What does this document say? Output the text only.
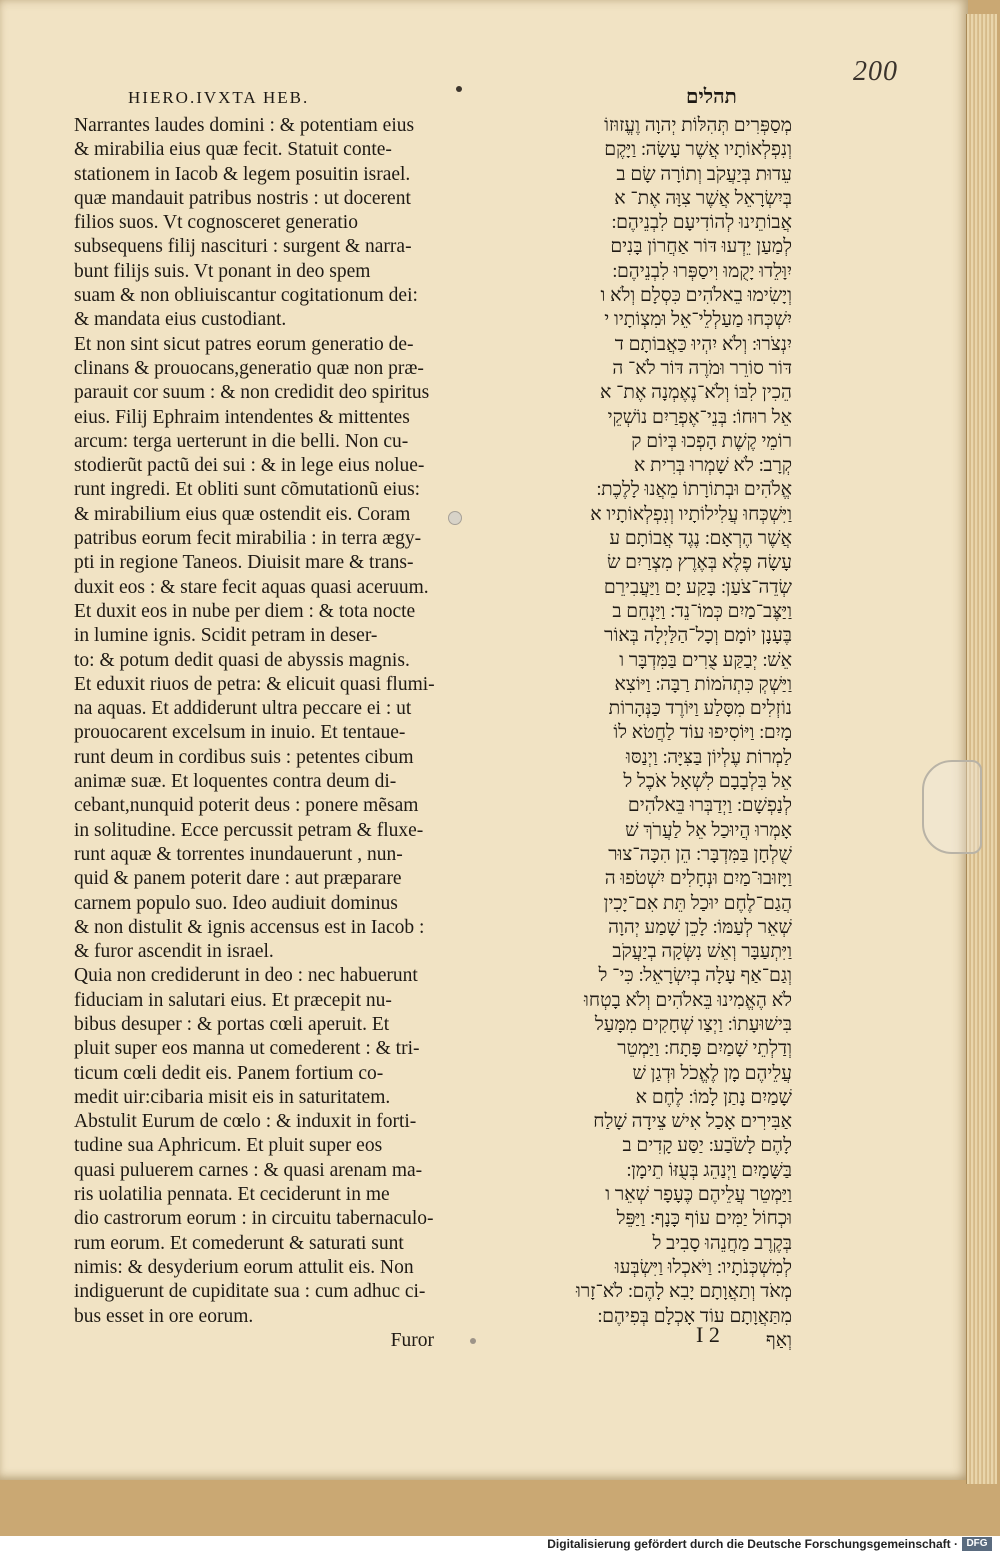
200
HIERO.IVXTA HEB.	תהלים
Narrantes laudes domini : & potentiam eius
& mirabilia eius quæ fecit. Statuit conte-
stationem in Iacob & legem posuitin israel.
quæ mandauit patribus nostris : ut docerent
filios suos. Vt cognosceret generatio
subsequens filij nascituri : surgent & narra-
bunt filijs suis. Vt ponant in deo spem
suam & non obliuiscantur cogitationum dei:
& mandata eius custodiant.
Et non sint sicut patres eorum generatio de-
clinans & prouocans,generatio quæ non præ-
parauit cor suum : & non credidit deo spiritus
eius. Filij Ephraim intendentes & mittentes
arcum: terga uerterunt in die belli. Non cu-
stodierũt pactũ dei sui : & in lege eius nolue-
runt ingredi. Et obliti sunt cõmutationũ eius:
& mirabilium eius quæ ostendit eis. Coram
patribus eorum fecit mirabilia : in terra ægy-
pti in regione Taneos. Diuisit mare & trans-
duxit eos : & stare fecit aquas quasi aceruum.
Et duxit eos in nube per diem : & tota nocte
in lumine ignis. Scidit petram in deser-
to: & potum dedit quasi de abyssis magnis.
Et eduxit riuos de petra: & elicuit quasi flumi-
na aquas. Et addiderunt ultra peccare ei : ut
prouocarent excelsum in inuio. Et tentaue-
runt deum in cordibus suis : petentes cibum
animæ suæ. Et loquentes contra deum di-
cebant,nunquid poterit deus : ponere mẽsam
in solitudine. Ecce percussit petram & fluxe-
runt aquæ & torrentes inundauerunt , nun-
quid & panem poterit dare : aut præparare
carnem populo suo. Ideo audiuit dominus
& non distulit & ignis accensus est in Iacob :
& furor ascendit in israel.
Quia non crediderunt in deo : nec habuerunt
fiduciam in salutari eius. Et præcepit nu-
bibus desuper : & portas cœli aperuit. Et
pluit super eos manna ut comederent : & tri-
ticum cœli dedit eis. Panem fortium co-
medit uir:cibaria misit eis in saturitatem.
Abstulit Eurum de cœlo : & induxit in forti-
tudine sua Aphricum. Et pluit super eos
quasi puluerem carnes : & quasi arenam ma-
ris uolatilia pennata. Et ceciderunt in me
dio castrorum eorum : in circuitu tabernaculo-
rum eorum. Et comederunt & saturati sunt
nimis: & desyderium eorum attulit eis. Non
indiguerunt de cupiditate sua : cum adhuc ci-
bus esset in ore eorum.
Furor
מְסַפְּרִים תְּהִלּוֹת יְהוָה וֶעֱזוּזוֹ
וְנִפְלְאוֹתָיו אֲשֶׁר עָשָׂה ׃ וַיָּקֶם
עֵדוּת בְּיַעֲקֹב וְתוֹרָה שָׂם ב
בְּיִשְׂרָאֵל אֲשֶׁר צִוָּה אֶת־ א
אֲבוֹתֵינוּ לְהוֹדִיעָם לִבְנֵיהֶם ׃
לְמַעַן יֵדְעוּ דּוֹר אַחֲרוֹן בָּנִים
יִוָּלֵדוּ יָקֻמוּ וִיסַפְּרוּ לִבְנֵיהֶם ׃
וְיָשִׂימוּ בֵאלֹהִים כִּסְלָם וְלֹא ו
יִשְׁכְּחוּ מַעַלְלֵי־אֵל וּמִצְוֹתָיו י
יִנְצֹרוּ ׃ וְלֹא יִהְיוּ כַּאֲבוֹתָם ד
דּוֹר סוֹרֵר וּמֹרֶה דּוֹר לֹא־ ה
הֵכִין לִבּוֹ וְלֹא־נֶאֶמְנָה אֶת־ א
אֵל רוּחוֹ ׃ בְּנֵי־אֶפְרַיִם נוֹשְׁקֵי
רוֹמֵי קֶשֶׁת הָפְכוּ בְּיוֹם ק
קְרָב ׃ לֹא שָׁמְרוּ בְּרִית א
אֱלֹהִים וּבְתוֹרָתוֹ מֵאֲנוּ לָלֶכֶת ׃
וַיִּשְׁכְּחוּ עֲלִילוֹתָיו וְנִפְלְאוֹתָיו א
אֲשֶׁר הֶרְאָם ׃ נֶגֶד אֲבוֹתָם ע
עָשָׂה פֶלֶא בְּאֶרֶץ מִצְרַיִם שׂ
שְׂדֵה־צֹעַן ׃ בָּקַע יָם וַיַּעֲבִירֵם
וַיַּצֶּב־מַיִם כְּמוֹ־נֵד ׃ וַיַּנְחֵם ב
בֶּעָנָן יוֹמָם וְכָל־הַלַּיְלָה בְּאוֹר
אֵשׁ ׃ יְבַקַּע צֻרִים בַּמִּדְבָּר ו
וַיַּשְׁקְ כִּתְהֹמוֹת רַבָּה ׃ וַיּוֹצִא
נוֹזְלִים מִסָּלַע וַיּוֹרֶד כַּנְּהָרוֹת
מָיִם ׃ וַיּוֹסִיפוּ עוֹד לַחֲטֹא לוֹ
לַמְרוֹת עֶלְיוֹן בַּצִּיָּה ׃ וַיְנַסּוּ
אֵל בִּלְבָבָם לִשְׁאָל אֹכֶל ל
לְנַפְשָׁם ׃ וַיְדַבְּרוּ בֵּאלֹהִים
אָמְרוּ הֲיוּכַל אֵל לַעֲרֹךְ שׁ
שֻׁלְחָן בַּמִּדְבָּר ׃ הֵן הִכָּה־צוּר
וַיָּזוּבוּ־מַיִם וּנְחָלִים יִשְׁטֹפוּ ה
הֲגַם־לֶחֶם יוּכַל תֵּת אִם־יָכִין
שְׁאֵר לְעַמּוֹ ׃ לָכֵן שָׁמַע יְהוָה
וַיִּתְעַבָּר וְאֵשׁ נִשְּׂקָה בְיַעֲקֹב
וְגַם־אַף עָלָה בְיִשְׂרָאֵל ׃ כִּי־ ל
לֹא הֶאֱמִינוּ בֵּאלֹהִים וְלֹא בָטְחוּ
בִּישׁוּעָתוֹ ׃ וַיְצַו שְׁחָקִים מִמָּעַל
וְדַלְתֵי שָׁמַיִם פָּתָח ׃ וַיַּמְטֵר
עֲלֵיהֶם מָן לֶאֱכֹל וּדְגַן שׁ
שָׁמַיִם נָתַן לָמוֹ ׃ לֶחֶם א
אַבִּירִים אָכַל אִישׁ צֵידָה שָׁלַח
לָהֶם לָשֹׂבַע ׃ יַסַּע קָדִים ב
בַּשָּׁמָיִם וַיְנַהֵג בְּעֻזּוֹ תֵימָן ׃
וַיַּמְטֵר עֲלֵיהֶם כֶּעָפָר שְׁאֵר ו
וּכְחוֹל יַמִּים עוֹף כָּנָף ׃ וַיַּפֵּל
בְּקֶרֶב מַחֲנֵהוּ סָבִיב ל
לְמִשְׁכְּנֹתָיו ׃ וַיֹּאכְלוּ וַיִּשְׂבְּעוּ
מְאֹד וְתַאֲוָתָם יָבִא לָהֶם ׃ לֹא־זָרוּ
מִתַּאֲוָתָם עוֹד אָכְלָם בְּפִיהֶם ׃
וְאַף
I 2
Digitalisierung gefördert durch die Deutsche Forschungsgemeinschaft · DFG
